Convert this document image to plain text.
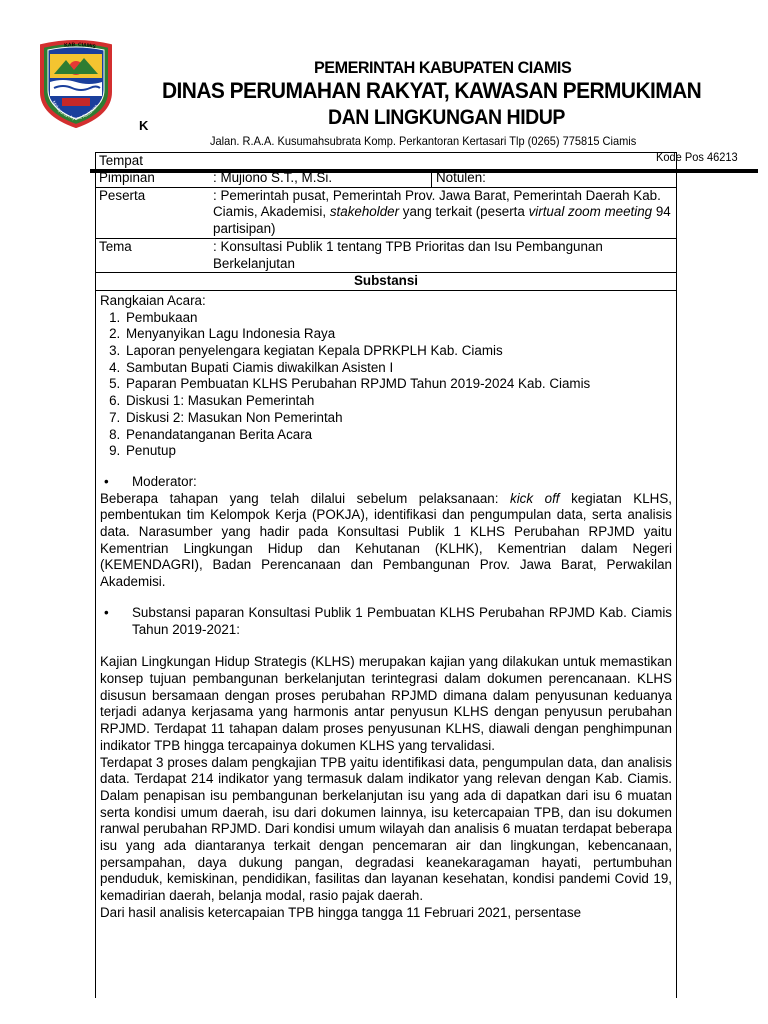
KAB. CIAMIS
Mahayunan Ayuna Kadatuan
K
PEMERINTAH KABUPATEN CIAMIS
DINAS PERUMAHAN RAKYAT, KAWASAN PERMUKIMAN
DAN LINGKUNGAN HIDUP
Jalan. R.A.A. Kusumahsubrata Komp. Perkantoran Kertasari Tlp (0265) 775815 Ciamis
Kode Pos 46213
Tempat
Pimpinan	: Mujiono S.T., M.Si.	Notulen:
Peserta	: Pemerintah pusat, Pemerintah Prov. Jawa Barat, Pemerintah Daerah Kab. Ciamis, Akademisi, stakeholder yang terkait (peserta virtual zoom meeting 94 partisipan)
Tema	: Konsultasi Publik 1 tentang TPB Prioritas dan Isu Pembangunan Berkelanjutan
Substansi
Rangkaian Acara:
1. Pembukaan
2. Menyanyikan Lagu Indonesia Raya
3. Laporan penyelengara kegiatan Kepala DPRKPLH Kab. Ciamis
4. Sambutan Bupati Ciamis diwakilkan Asisten I
5. Paparan Pembuatan KLHS Perubahan RPJMD Tahun 2019-2024 Kab. Ciamis
6. Diskusi 1: Masukan Pemerintah
7. Diskusi 2: Masukan Non Pemerintah
8. Penandatanganan Berita Acara
9. Penutup
•	Moderator:

Beberapa tahapan yang telah dilalui sebelum pelaksanaan: kick off kegiatan KLHS, pembentukan tim Kelompok Kerja (POKJA), identifikasi dan pengumpulan data, serta analisis data. Narasumber yang hadir pada Konsultasi Publik 1 KLHS Perubahan RPJMD yaitu Kementrian Lingkungan Hidup dan Kehutanan (KLHK), Kementrian dalam Negeri (KEMENDAGRI), Badan Perencanaan dan Pembangunan Prov. Jawa Barat, Perwakilan Akademisi.

•	Substansi paparan Konsultasi Publik 1 Pembuatan KLHS Perubahan RPJMD Kab. Ciamis Tahun 2019-2021:

Kajian Lingkungan Hidup Strategis (KLHS) merupakan kajian yang dilakukan untuk memastikan konsep tujuan pembangunan berkelanjutan terintegrasi dalam dokumen perencanaan. KLHS disusun bersamaan dengan proses perubahan RPJMD dimana dalam penyusunan keduanya terjadi adanya kerjasama yang harmonis antar penyusun KLHS dengan penyusun perubahan RPJMD. Terdapat 11 tahapan dalam proses penyusunan KLHS, diawali dengan penghimpunan indikator TPB hingga tercapainya dokumen KLHS yang tervalidasi.

Terdapat 3 proses dalam pengkajian TPB yaitu identifikasi data, pengumpulan data, dan analisis data. Terdapat 214 indikator yang termasuk dalam indikator yang relevan dengan Kab. Ciamis. Dalam penapisan isu pembangunan berkelanjutan isu yang ada di dapatkan dari isu 6 muatan serta kondisi umum daerah, isu dari dokumen lainnya, isu ketercapaian TPB, dan isu dokumen ranwal perubahan RPJMD. Dari kondisi umum wilayah dan analisis 6 muatan terdapat beberapa isu yang ada diantaranya terkait dengan pencemaran air dan lingkungan, kebencanaan, persampahan, daya dukung pangan, degradasi keanekaragaman hayati, pertumbuhan penduduk, kemiskinan, pendidikan, fasilitas dan layanan kesehatan, kondisi pandemi Covid 19, kemadirian daerah, belanja modal, rasio pajak daerah.

Dari hasil analisis ketercapaian TPB hingga tangga 11 Februari 2021, persentase
